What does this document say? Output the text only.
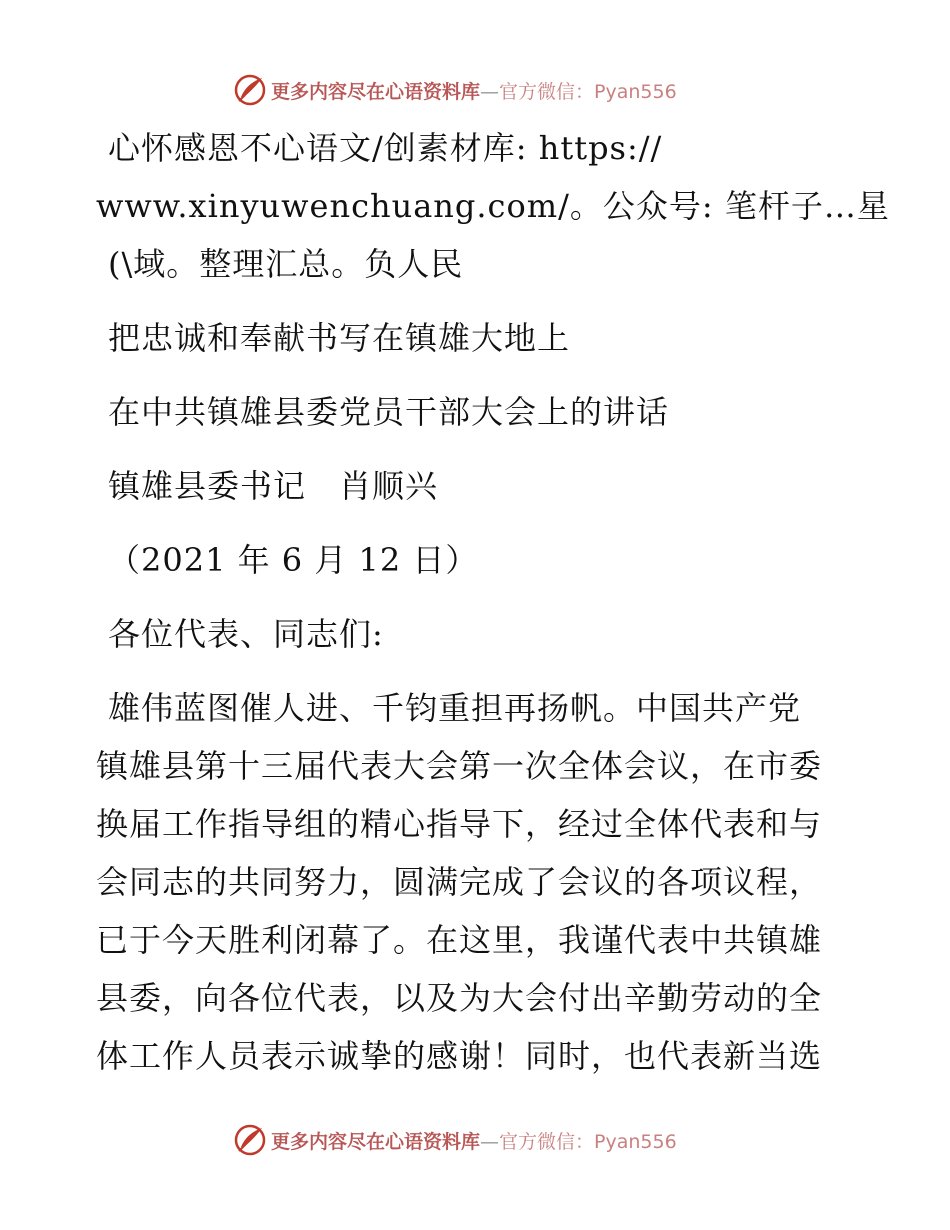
更多内容尽在心语资料库—官方微信：Pyan556
心怀感恩不心语文/创素材库: https://
www.xinyuwenchuang.com/。公众号: 笔杆子…星
(\域。整理汇总。负人民
把忠诚和奉献书写在镇雄大地上
在中共镇雄县委党员干部大会上的讲话
镇雄县委书记　肖顺兴
（2021 年 6 月 12 日）
各位代表、同志们:
雄伟蓝图催人进、千钧重担再扬帆。中国共产党
镇雄县第十三届代表大会第一次全体会议，在市委
换届工作指导组的精心指导下，经过全体代表和与
会同志的共同努力，圆满完成了会议的各项议程，
已于今天胜利闭幕了。在这里，我谨代表中共镇雄
县委，向各位代表，以及为大会付出辛勤劳动的全
体工作人员表示诚挚的感谢！同时，也代表新当选
更多内容尽在心语资料库—官方微信：Pyan556
